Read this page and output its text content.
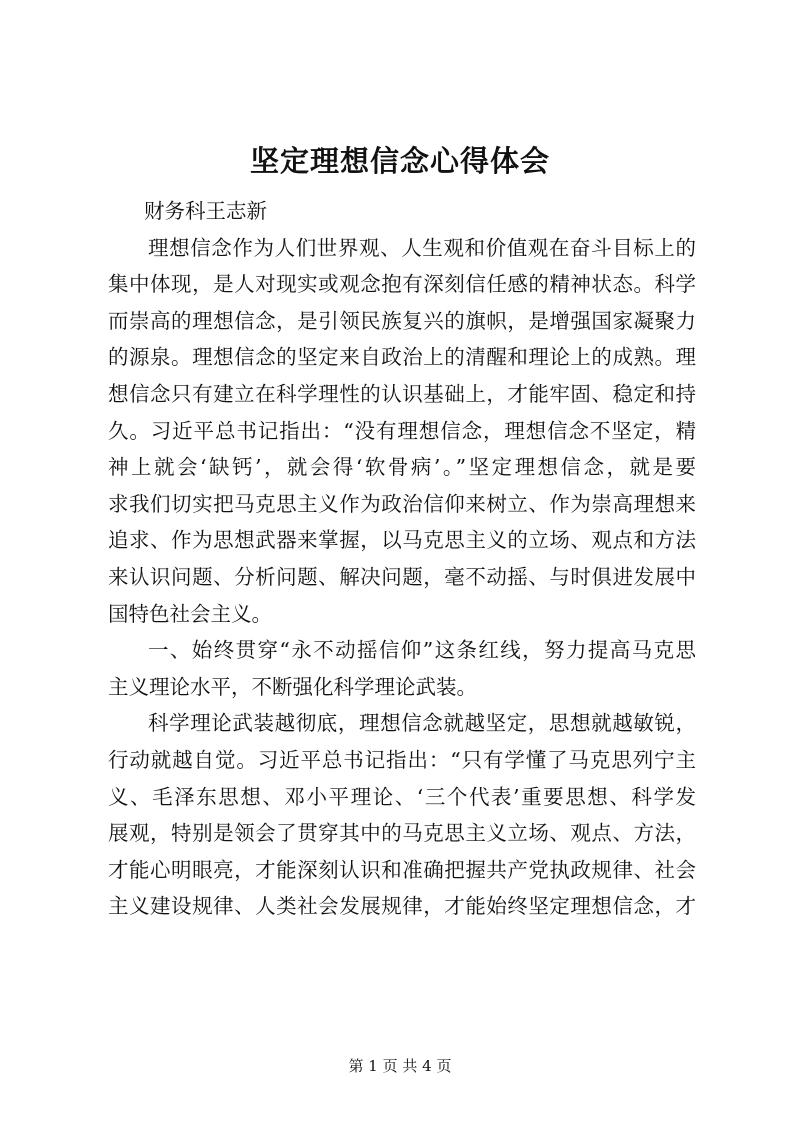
坚定理想信念心得体会
财务科王志新
理想信念作为人们世界观、人生观和价值观在奋斗目标上的
集中体现，是人对现实或观念抱有深刻信任感的精神状态。科学
而崇高的理想信念，是引领民族复兴的旗帜，是增强国家凝聚力
的源泉。理想信念的坚定来自政治上的清醒和理论上的成熟。理
想信念只有建立在科学理性的认识基础上，才能牢固、稳定和持
久。习近平总书记指出：“没有理想信念，理想信念不坚定，精
神上就会‘缺钙’，就会得‘软骨病’。”坚定理想信念，就是要
求我们切实把马克思主义作为政治信仰来树立、作为崇高理想来
追求、作为思想武器来掌握，以马克思主义的立场、观点和方法
来认识问题、分析问题、解决问题，毫不动摇、与时俱进发展中
国特色社会主义。
一、始终贯穿“永不动摇信仰”这条红线，努力提高马克思
主义理论水平，不断强化科学理论武装。
科学理论武装越彻底，理想信念就越坚定，思想就越敏锐，
行动就越自觉。习近平总书记指出：“只有学懂了马克思列宁主
义、毛泽东思想、邓小平理论、‘三个代表’重要思想、科学发
展观，特别是领会了贯穿其中的马克思主义立场、观点、方法，
才能心明眼亮，才能深刻认识和准确把握共产党执政规律、社会
主义建设规律、人类社会发展规律，才能始终坚定理想信念，才
第 1 页 共 4 页
